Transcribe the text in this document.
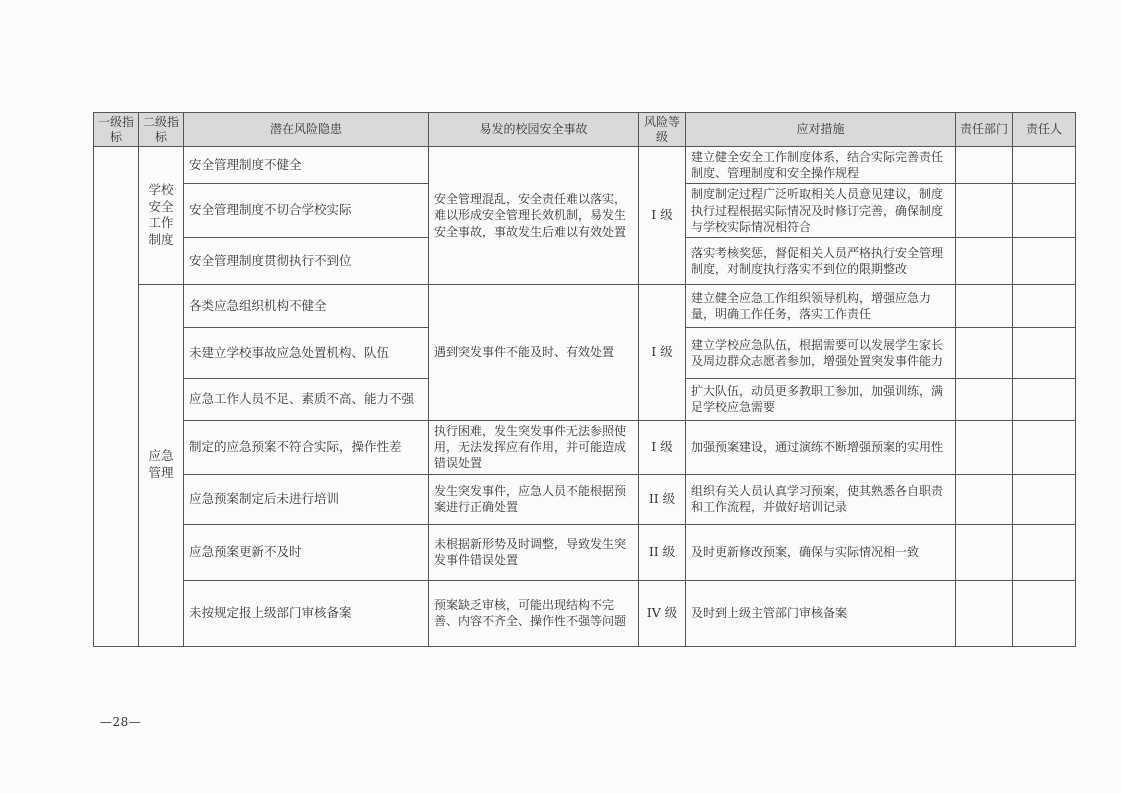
一级指标	二级指标	潜在风险隐患	易发的校园安全事故	风险等级	应对措施	责任部门	责任人
	学校安全工作制度	安全管理制度不健全	安全管理混乱，安全责任难以落实，难以形成安全管理长效机制，易发生安全事故，事故发生后难以有效处置	I 级	建立健全安全工作制度体系，结合实际完善责任制度、管理制度和安全操作规程		
		安全管理制度不切合学校实际			制度制定过程广泛听取相关人员意见建议，制度执行过程根据实际情况及时修订完善，确保制度与学校实际情况相符合		
		安全管理制度贯彻执行不到位			落实考核奖惩，督促相关人员严格执行安全管理制度，对制度执行落实不到位的限期整改		
	应急管理	各类应急组织机构不健全	遇到突发事件不能及时、有效处置	I 级	建立健全应急工作组织领导机构，增强应急力量，明确工作任务，落实工作责任		
		未建立学校事故应急处置机构、队伍			建立学校应急队伍，根据需要可以发展学生家长及周边群众志愿者参加，增强处置突发事件能力		
		应急工作人员不足、素质不高、能力不强			扩大队伍，动员更多教职工参加，加强训练，满足学校应急需要		
		制定的应急预案不符合实际，操作性差	执行困难，发生突发事件无法参照使用，无法发挥应有作用，并可能造成错误处置	I 级	加强预案建设，通过演练不断增强预案的实用性		
		应急预案制定后未进行培训	发生突发事件，应急人员不能根据预案进行正确处置	II 级	组织有关人员认真学习预案，使其熟悉各自职责和工作流程，并做好培训记录		
		应急预案更新不及时	未根据新形势及时调整，导致发生突发事件错误处置	II 级	及时更新修改预案，确保与实际情况相一致		
		未按规定报上级部门审核备案	预案缺乏审核，可能出现结构不完善、内容不齐全、操作性不强等问题	IV 级	及时到上级主管部门审核备案		
—28—
